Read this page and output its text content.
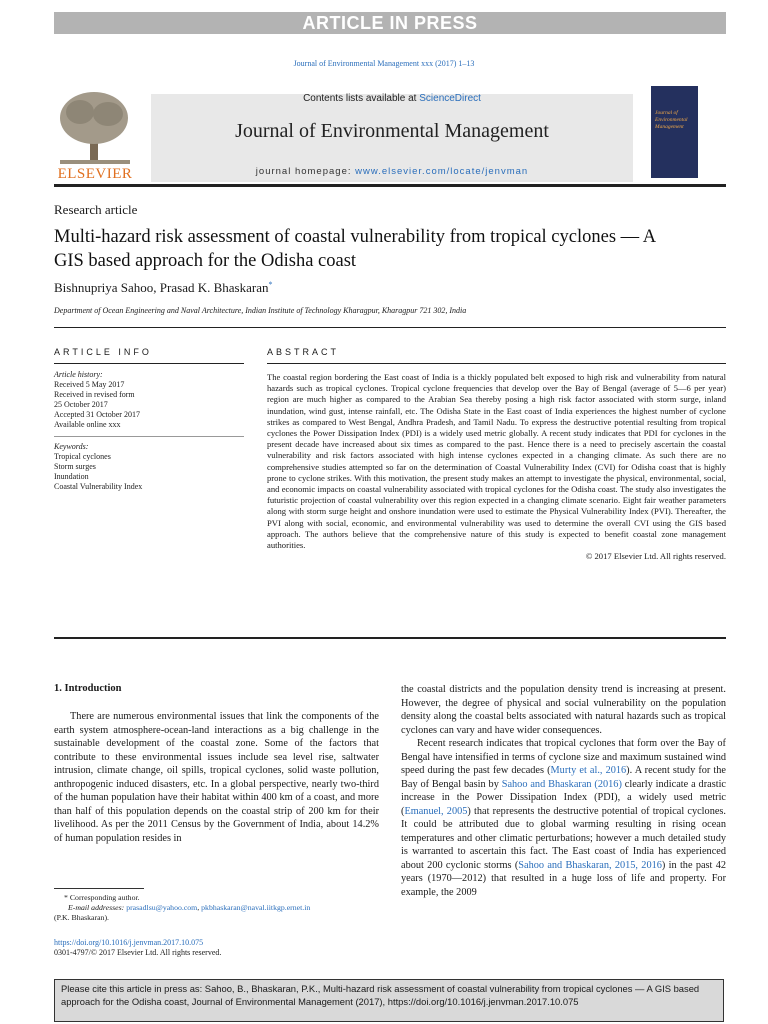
ARTICLE IN PRESS
Journal of Environmental Management xxx (2017) 1–13
ELSEVIER
Contents lists available at ScienceDirect
Journal of Environmental Management
journal homepage: www.elsevier.com/locate/jenvman
Journal of Environmental Management
Research article
Multi-hazard risk assessment of coastal vulnerability from tropical cyclones — A GIS based approach for the Odisha coast
Bishnupriya Sahoo, Prasad K. Bhaskaran*
Department of Ocean Engineering and Naval Architecture, Indian Institute of Technology Kharagpur, Kharagpur 721 302, India
ARTICLE INFO
Article history:
Received 5 May 2017
Received in revised form
25 October 2017
Accepted 31 October 2017
Available online xxx
Keywords:
Tropical cyclones
Storm surges
Inundation
Coastal Vulnerability Index
ABSTRACT

The coastal region bordering the East coast of India is a thickly populated belt exposed to high risk and vulnerability from natural hazards such as tropical cyclones. Tropical cyclone frequencies that develop over the Bay of Bengal (average of 5—6 per year) region are much higher as compared to the Arabian Sea thereby posing a high risk factor associated with storm surge, inland inundation, wind gust, intense rainfall, etc. The Odisha State in the East coast of India experiences the highest number of cyclone strikes as compared to West Bengal, Andhra Pradesh, and Tamil Nadu. To express the destructive potential resulting from tropical cyclones the Power Dissipation Index (PDI) is a widely used metric globally. A recent study indicates that PDI for cyclones in the present decade have increased about six times as compared to the past. Hence there is a need to precisely ascertain the coastal vulnerability and risk factors associated with high intense cyclones expected in a changing climate. As such there are no comprehensive studies attempted so far on the determination of Coastal Vulnerability Index (CVI) for Odisha coast that is highly prone to cyclone strikes. With this motivation, the present study makes an attempt to investigate the physical, environmental, social, and economic impacts on coastal vulnerability associated with tropical cyclones for the Odisha coast. The study also investigates the futuristic projection of coastal vulnerability over this region expected in a changing climate scenario. Eight fair weather parameters along with storm surge height and onshore inundation were used to estimate the Physical Vulnerability Index (PVI). Thereafter, the PVI along with social, economic, and environmental vulnerability was used to determine the overall CVI using the GIS based approach. The authors believe that the comprehensive nature of this study is expected to benefit coastal zone management authorities.

© 2017 Elsevier Ltd. All rights reserved.

1. Introduction

There are numerous environmental issues that link the components of the earth system atmosphere-ocean-land interactions as a big challenge in the sustainable development of the coastal zone. Some of the factors that contribute to these environmental issues include sea level rise, saltwater intrusion, climate change, oil spills, tropical cyclones, solid waste pollution, anthropogenic induced disasters, etc. In a global perspective, nearly two-third of the human population have their habitat within 400 km of a coast, and more than half of this population depends on the coastal strip of 200 km for their livelihood. As per the 2011 Census by the Government of India, about 14.2% of human population resides in

the coastal districts and the population density trend is increasing at present. However, the degree of physical and social vulnerability on the population density along the coastal belts associated with natural hazards such as tropical cyclones can vary and have wider consequences.

Recent research indicates that tropical cyclones that form over the Bay of Bengal have intensified in terms of cyclone size and maximum sustained wind speed during the past few decades (Murty et al., 2016). A recent study for the Bay of Bengal basin by Sahoo and Bhaskaran (2016) clearly indicate a drastic increase in the Power Dissipation Index (PDI), a widely used metric (Emanuel, 2005) that represents the destructive potential of tropical cyclones. It could be attributed due to global warming resulting in rising ocean temperatures and other climatic perturbations; however a much detailed study is warranted to ascertain this fact. The East coast of India has experienced about 200 cyclonic storms (Sahoo and Bhaskaran, 2015, 2016) in the past 42 years (1970—2012) that resulted in a huge loss of life and property. For example, the 2009

* Corresponding author.
E-mail addresses: prasadlsu@yahoo.com, pkbhaskaran@naval.iitkgp.ernet.in
(P.K. Bhaskaran).
https://doi.org/10.1016/j.jenvman.2017.10.075
0301-4797/© 2017 Elsevier Ltd. All rights reserved.
Please cite this article in press as: Sahoo, B., Bhaskaran, P.K., Multi-hazard risk assessment of coastal vulnerability from tropical cyclones — A GIS based approach for the Odisha coast, Journal of Environmental Management (2017), https://doi.org/10.1016/j.jenvman.2017.10.075
